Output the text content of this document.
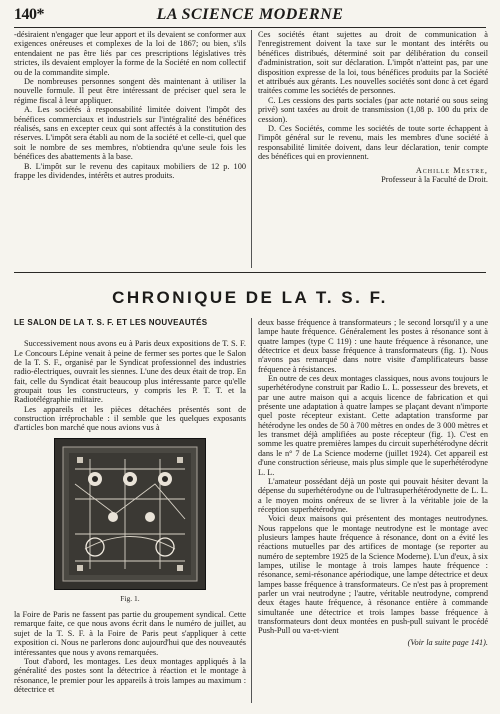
140*	LA SCIENCE MODERNE

-désiraient n'engager que leur apport et ils devaient se conformer aux exigences onéreuses et complexes de la loi de 1867; ou bien, s'ils entendaient ne pas être liés par ces prescriptions législatives très strictes, ils devaient employer la forme de la Société en nom collectif ou de la commandite simple.

De nombreuses personnes songent dès maintenant à utiliser la nouvelle formule. Il peut être intéressant de préciser quel sera le régime fiscal à leur appliquer.

A. Les sociétés à responsabilité limitée doivent l'impôt des bénéfices commerciaux et industriels sur l'intégralité des bénéfices réalisés, sans en excepter ceux qui sont affectés à la constitution des réserves. L'impôt sera établi au nom de la société et celle-ci, quel que soit le nombre de ses membres, n'obtiendra qu'une seule fois les bénéfices des abattements à la base.

B. L'impôt sur le revenu des capitaux mobiliers de 12 p. 100 frappe les dividendes, intérêts et autres produits.

Ces sociétés étant sujettes au droit de communication à l'enregistrement doivent la taxe sur le montant des intérêts ou bénéfices distribués, déterminé soit par délibération du conseil d'administration, soit sur déclaration. L'impôt n'atteint pas, par une disposition expresse de la loi, tous bénéfices produits par la Société et attribués aux gérants. Les nouvelles sociétés sont donc à cet égard traitées comme les sociétés de personnes.

C. Les cessions des parts sociales (par acte notarié ou sous seing privé) sont taxées au droit de transmission (1,08 p. 100 du prix de cession).

D. Ces Sociétés, comme les sociétés de toute sorte échappent à l'impôt général sur le revenu, mais les membres d'une société à responsabilité limitée doivent, dans leur déclaration, tenir compte des bénéfices qui en proviennent.

Achille Mestre,
Professeur à la Faculté de Droit.
CHRONIQUE DE LA T. S. F.
LE SALON DE LA T. S. F. ET LES NOUVEAUTÉS

Successivement nous avons eu à Paris deux expositions de T. S. F. Le Concours Lépine venait à peine de fermer ses portes que le Salon de la T. S. F., organisé par le Syndicat professionnel des industries radio-électriques, ouvrait les siennes. L'une des deux était de trop. En fait, celle du Syndicat était beaucoup plus intéressante parce qu'elle groupait tous les constructeurs, y compris les P. T. T. et la Radiotélégraphie militaire.

Les appareils et les pièces détachées présentés sont de construction irréprochable : il semble que les quelques exposants d'articles bon marché que nous avions vus à

Fig. 1.

la Foire de Paris ne fassent pas partie du groupement syndical. Cette remarque faite, ce que nous avons écrit dans le numéro de juillet, au sujet de la T. S. F. à la Foire de Paris peut s'appliquer à cette exposition ci. Nous ne parlerons donc aujourd'hui que des nouveautés intéressantes que nous y avons remarquées.

Tout d'abord, les montages. Les deux montages appliqués à la généralité des postes sont la détectrice à réaction et le montage à résonance, le premier pour les appareils à trois lampes au maximum : détectrice et

deux basse fréquence à transformateurs ; le second lorsqu'il y a une lampe haute fréquence. Généralement les postes à résonance sont à quatre lampes (type C 119) : une haute fréquence à résonance, une détectrice et deux basse fréquence à transformateurs (fig. 1). Nous n'avons pas remarqué dans notre visite d'amplificateurs basse fréquence à résistances.

En outre de ces deux montages classiques, nous avons toujours le superhétérodyne construit par Radio L. L. possesseur des brevets, et par une autre maison qui a acquis licence de fabrication et qui présente une adaptation à quatre lampes se plaçant devant n'importe quel poste récepteur existant. Cette adaptation transforme par hétérodyne les ondes de 50 à 700 mètres en ondes de 3 000 mètres et les transmet déjà amplifiées au poste récepteur (fig. 1). C'est en somme les quatre premières lampes du circuit superhétérodyne décrit dans le n° 7 de La Science moderne (juillet 1924). Cet appareil est d'une construction sérieuse, mais plus simple que le superhétérodyne L. L.

L'amateur possédant déjà un poste qui pouvait hésiter devant la dépense du superhétérodyne ou de l'ultrasuperhétérodynette de L. L. a le moyen moins onéreux de se livrer à la véritable joie de la réception superhétérodyne.

Voici deux maisons qui présentent des montages neutrodynes. Nous rappelons que le montage neutrodyne est le montage avec plusieurs lampes haute fréquence à résonance, dont on a évité les réactions mutuelles par des artifices de montage (se reporter au numéro de septembre 1925 de la Science Moderne). L'un d'eux, à six lampes, utilise le montage à trois lampes haute fréquence : résonance, semi-résonance apériodique, une lampe détectrice et deux lampes basse fréquence à transformateurs. Ce n'est pas à proprement parler un vrai neutrodyne ; l'autre, véritable neutrodyne, comprend deux étages haute fréquence, à résonance entière à commande simultanée une détectrice et trois lampes basse fréquence à transformateurs dont deux montées en push-pull suivant le procédé Push-Pull ou va-et-vient

(Voir la suite page 141).
